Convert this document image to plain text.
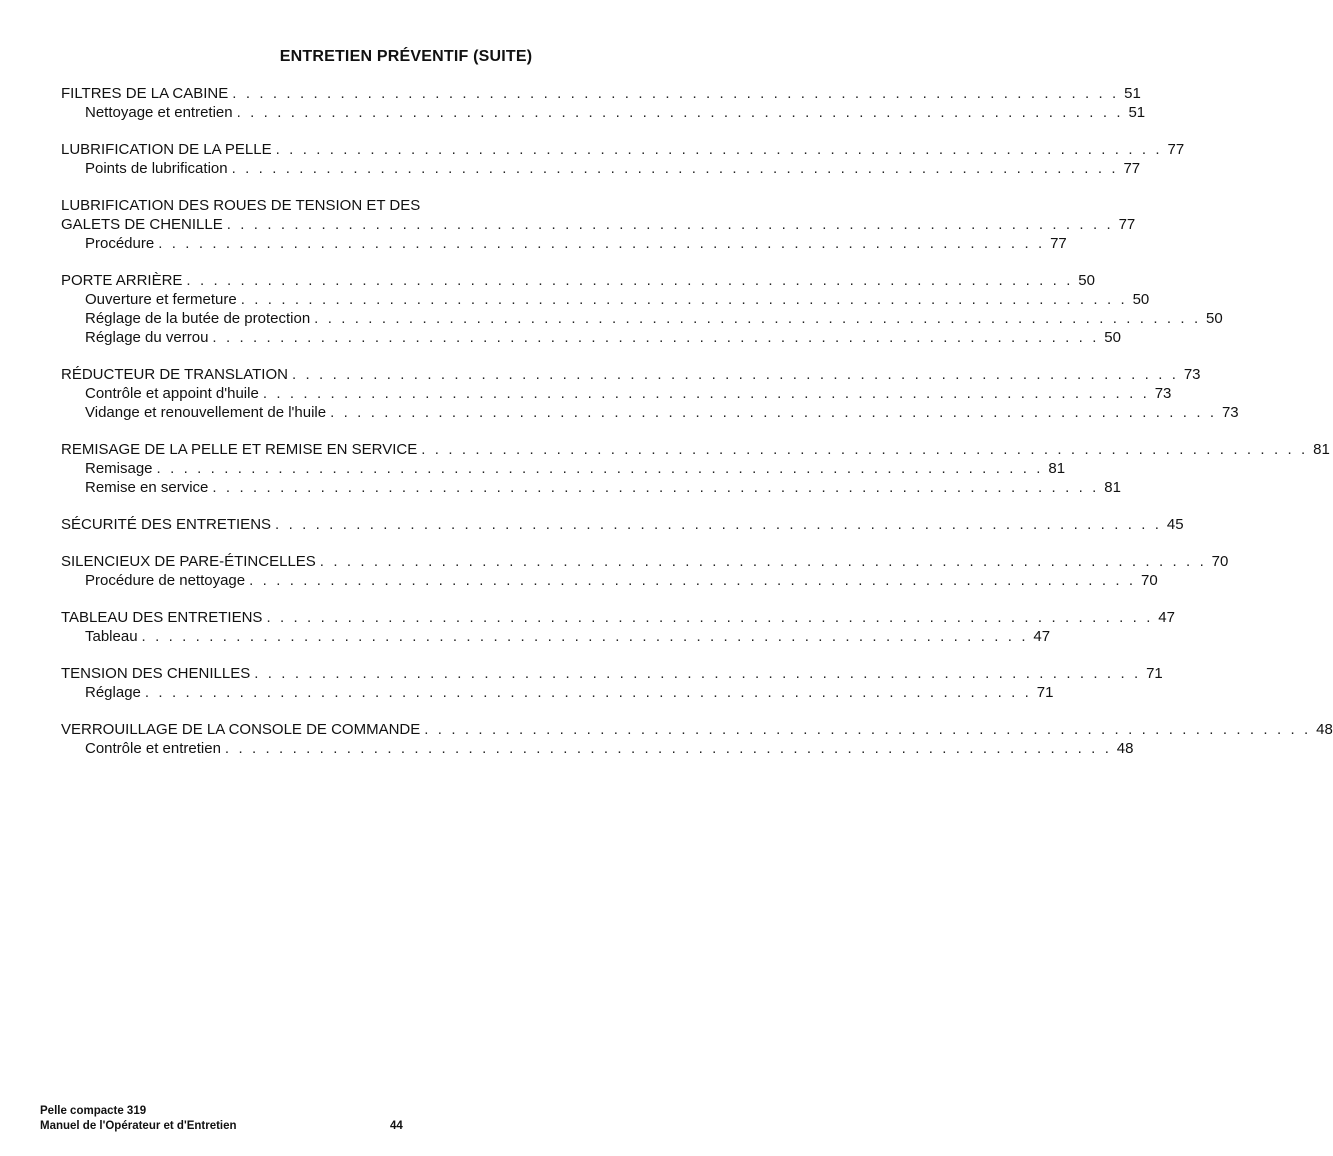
ENTRETIEN PRÉVENTIF (SUITE)
FILTRES DE LA CABINE . . . . . . . . . . . . . . . . . . . . . . . . . . . . . . . . . . . . . . . . . . . . . . . . . . . . . . . . . . . . . . . . . . 51
Nettoyage et entretien . . . . . . . . . . . . . . . . . . . . . . . . . . . . . . . . . . . . . . . . . . . . . . . . . . . . . . . . . . . . . . . . . . 51
LUBRIFICATION DE LA PELLE . . . . . . . . . . . . . . . . . . . . . . . . . . . . . . . . . . . . . . . . . . . . . . . . . . . . . . . . . . . . . . . . . . 77
Points de lubrification . . . . . . . . . . . . . . . . . . . . . . . . . . . . . . . . . . . . . . . . . . . . . . . . . . . . . . . . . . . . . . . . . . 77
LUBRIFICATION DES ROUES DE TENSION ET DES
GALETS DE CHENILLE . . . . . . . . . . . . . . . . . . . . . . . . . . . . . . . . . . . . . . . . . . . . . . . . . . . . . . . . . . . . . . . . . . 77
Procédure . . . . . . . . . . . . . . . . . . . . . . . . . . . . . . . . . . . . . . . . . . . . . . . . . . . . . . . . . . . . . . . . . . 77
PORTE ARRIÈRE . . . . . . . . . . . . . . . . . . . . . . . . . . . . . . . . . . . . . . . . . . . . . . . . . . . . . . . . . . . . . . . . . . 50
Ouverture et fermeture . . . . . . . . . . . . . . . . . . . . . . . . . . . . . . . . . . . . . . . . . . . . . . . . . . . . . . . . . . . . . . . . . . 50
Réglage de la butée de protection . . . . . . . . . . . . . . . . . . . . . . . . . . . . . . . . . . . . . . . . . . . . . . . . . . . . . . . . . . . . . . . . . . 50
Réglage du verrou . . . . . . . . . . . . . . . . . . . . . . . . . . . . . . . . . . . . . . . . . . . . . . . . . . . . . . . . . . . . . . . . . . 50
RÉDUCTEUR DE TRANSLATION . . . . . . . . . . . . . . . . . . . . . . . . . . . . . . . . . . . . . . . . . . . . . . . . . . . . . . . . . . . . . . . . . . 73
Contrôle et appoint d'huile . . . . . . . . . . . . . . . . . . . . . . . . . . . . . . . . . . . . . . . . . . . . . . . . . . . . . . . . . . . . . . . . . . 73
Vidange et renouvellement de l'huile . . . . . . . . . . . . . . . . . . . . . . . . . . . . . . . . . . . . . . . . . . . . . . . . . . . . . . . . . . . . . . . . . . 73
REMISAGE DE LA PELLE ET REMISE EN SERVICE . . . . . . . . . . . . . . . . . . . . . . . . . . . . . . . . . . . . . . . . . . . . . . . . . . . . . . . . . . . . . . . . . . 81
Remisage . . . . . . . . . . . . . . . . . . . . . . . . . . . . . . . . . . . . . . . . . . . . . . . . . . . . . . . . . . . . . . . . . . 81
Remise en service . . . . . . . . . . . . . . . . . . . . . . . . . . . . . . . . . . . . . . . . . . . . . . . . . . . . . . . . . . . . . . . . . . 81
SÉCURITÉ DES ENTRETIENS . . . . . . . . . . . . . . . . . . . . . . . . . . . . . . . . . . . . . . . . . . . . . . . . . . . . . . . . . . . . . . . . . . 45
SILENCIEUX DE PARE-ÉTINCELLES . . . . . . . . . . . . . . . . . . . . . . . . . . . . . . . . . . . . . . . . . . . . . . . . . . . . . . . . . . . . . . . . . . 70
Procédure de nettoyage . . . . . . . . . . . . . . . . . . . . . . . . . . . . . . . . . . . . . . . . . . . . . . . . . . . . . . . . . . . . . . . . . . 70
TABLEAU DES ENTRETIENS . . . . . . . . . . . . . . . . . . . . . . . . . . . . . . . . . . . . . . . . . . . . . . . . . . . . . . . . . . . . . . . . . . 47
Tableau . . . . . . . . . . . . . . . . . . . . . . . . . . . . . . . . . . . . . . . . . . . . . . . . . . . . . . . . . . . . . . . . . . 47
TENSION DES CHENILLES . . . . . . . . . . . . . . . . . . . . . . . . . . . . . . . . . . . . . . . . . . . . . . . . . . . . . . . . . . . . . . . . . . 71
Réglage . . . . . . . . . . . . . . . . . . . . . . . . . . . . . . . . . . . . . . . . . . . . . . . . . . . . . . . . . . . . . . . . . . 71
VERROUILLAGE DE LA CONSOLE DE COMMANDE . . . . . . . . . . . . . . . . . . . . . . . . . . . . . . . . . . . . . . . . . . . . . . . . . . . . . . . . . . . . . . . . . . 48
Contrôle et entretien . . . . . . . . . . . . . . . . . . . . . . . . . . . . . . . . . . . . . . . . . . . . . . . . . . . . . . . . . . . . . . . . . . 48
Pelle compacte 319
Manuel de l'Opérateur et d'Entretien	44
